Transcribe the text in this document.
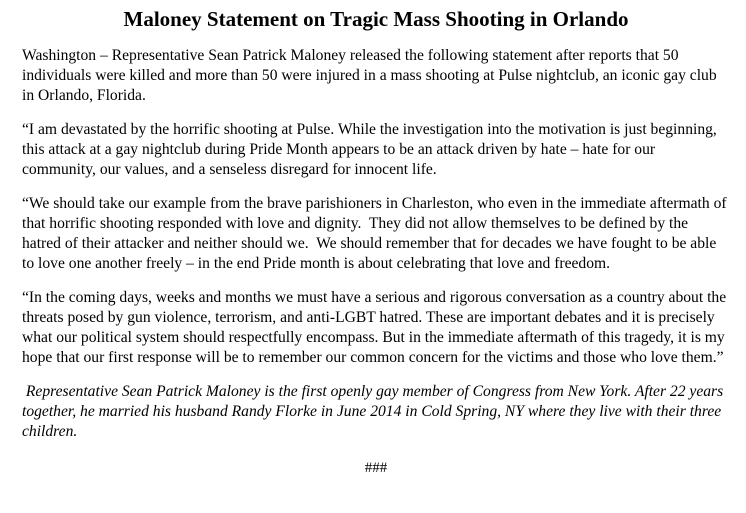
Maloney Statement on Tragic Mass Shooting in Orlando

Washington – Representative Sean Patrick Maloney released the following statement after reports that 50 individuals were killed and more than 50 were injured in a mass shooting at Pulse nightclub, an iconic gay club in Orlando, Florida.

“I am devastated by the horrific shooting at Pulse. While the investigation into the motivation is just beginning, this attack at a gay nightclub during Pride Month appears to be an attack driven by hate – hate for our community, our values, and a senseless disregard for innocent life.

“We should take our example from the brave parishioners in Charleston, who even in the immediate aftermath of that horrific shooting responded with love and dignity.  They did not allow themselves to be defined by the hatred of their attacker and neither should we.  We should remember that for decades we have fought to be able to love one another freely – in the end Pride month is about celebrating that love and freedom.

“In the coming days, weeks and months we must have a serious and rigorous conversation as a country about the threats posed by gun violence, terrorism, and anti-LGBT hatred. These are important debates and it is precisely what our political system should respectfully encompass. But in the immediate aftermath of this tragedy, it is my hope that our first response will be to remember our common concern for the victims and those who love them.”

Representative Sean Patrick Maloney is the first openly gay member of Congress from New York. After 22 years together, he married his husband Randy Florke in June 2014 in Cold Spring, NY where they live with their three children.

###
